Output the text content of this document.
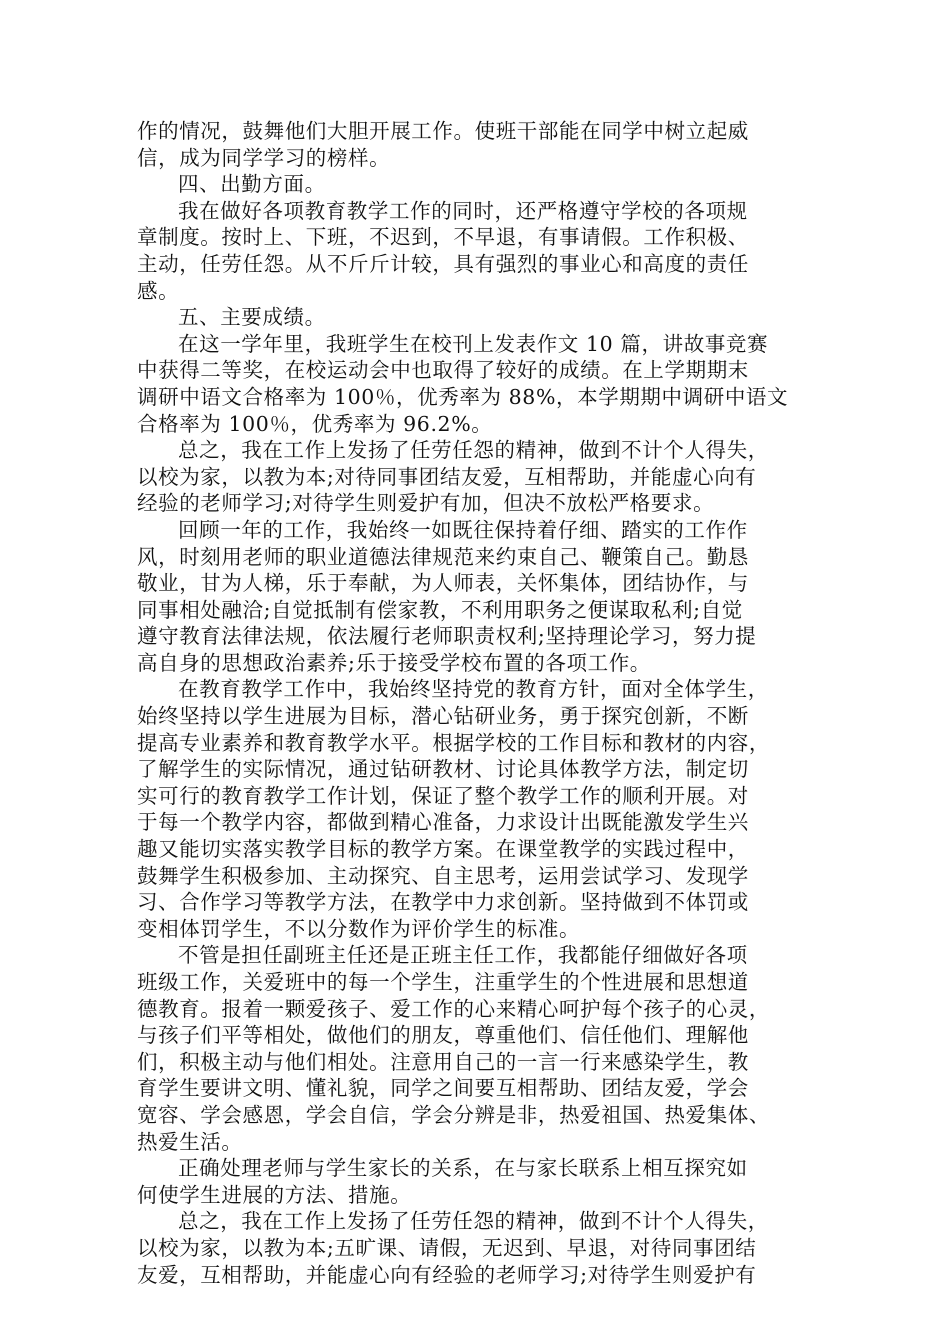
作的情况，鼓舞他们大胆开展工作。使班干部能在同学中树立起威
信，成为同学学习的榜样。
四、出勤方面。
我在做好各项教育教学工作的同时，还严格遵守学校的各项规
章制度。按时上、下班，不迟到，不早退，有事请假。工作积极、
主动，任劳任怨。从不斤斤计较，具有强烈的事业心和高度的责任
感。
五、主要成绩。
在这一学年里，我班学生在校刊上发表作文 10 篇，讲故事竞赛
中获得二等奖，在校运动会中也取得了较好的成绩。在上学期期末
调研中语文合格率为 100％，优秀率为 88%，本学期期中调研中语文
合格率为 100％，优秀率为 96.2%。
总之，我在工作上发扬了任劳任怨的精神，做到不计个人得失，
以校为家，以教为本;对待同事团结友爱，互相帮助，并能虚心向有
经验的老师学习;对待学生则爱护有加，但决不放松严格要求。
回顾一年的工作，我始终一如既往保持着仔细、踏实的工作作
风，时刻用老师的职业道德法律规范来约束自己、鞭策自己。勤恳
敬业，甘为人梯，乐于奉献，为人师表，关怀集体，团结协作，与
同事相处融洽;自觉抵制有偿家教，不利用职务之便谋取私利;自觉
遵守教育法律法规，依法履行老师职责权利;坚持理论学习，努力提
高自身的思想政治素养;乐于接受学校布置的各项工作。
在教育教学工作中，我始终坚持党的教育方针，面对全体学生，
始终坚持以学生进展为目标，潜心钻研业务，勇于探究创新，不断
提高专业素养和教育教学水平。根据学校的工作目标和教材的内容，
了解学生的实际情况，通过钻研教材、讨论具体教学方法，制定切
实可行的教育教学工作计划，保证了整个教学工作的顺利开展。对
于每一个教学内容，都做到精心准备，力求设计出既能激发学生兴
趣又能切实落实教学目标的教学方案。在课堂教学的实践过程中，
鼓舞学生积极参加、主动探究、自主思考，运用尝试学习、发现学
习、合作学习等教学方法，在教学中力求创新。坚持做到不体罚或
变相体罚学生，不以分数作为评价学生的标准。
不管是担任副班主任还是正班主任工作，我都能仔细做好各项
班级工作，关爱班中的每一个学生，注重学生的个性进展和思想道
德教育。报着一颗爱孩子、爱工作的心来精心呵护每个孩子的心灵，
与孩子们平等相处，做他们的朋友，尊重他们、信任他们、理解他
们，积极主动与他们相处。注意用自己的一言一行来感染学生，教
育学生要讲文明、懂礼貌，同学之间要互相帮助、团结友爱，学会
宽容、学会感恩，学会自信，学会分辨是非，热爱祖国、热爱集体、
热爱生活。
正确处理老师与学生家长的关系，在与家长联系上相互探究如
何使学生进展的方法、措施。
总之，我在工作上发扬了任劳任怨的精神，做到不计个人得失，
以校为家，以教为本;五旷课、请假，无迟到、早退，对待同事团结
友爱，互相帮助，并能虚心向有经验的老师学习;对待学生则爱护有
